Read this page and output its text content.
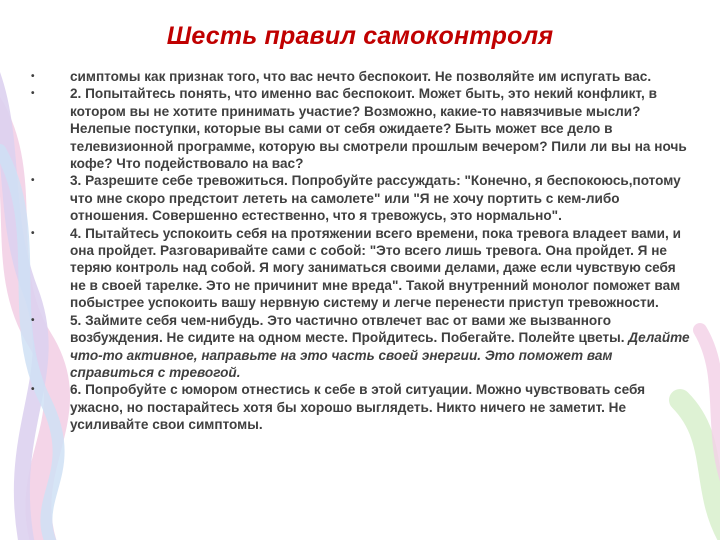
Шесть правил самоконтроля
•	симптомы как признак того, что вас нечто беспокоит. Не позволяйте им испугать вас.
•	2. Попытайтесь понять, что именно вас беспокоит. Может быть, это некий конфликт, в котором вы не хотите принимать участие? Возможно, какие-то навязчивые мысли? Нелепые поступки, которые вы сами от себя ожидаете? Быть может все дело в телевизионной программе, которую вы смотрели прошлым вечером? Пили ли вы на ночь кофе? Что подействовало на вас?
•	3. Разрешите себе тревожиться. Попробуйте рассуждать: "Конечно, я беспокоюсь,потому что мне скоро предстоит лететь на самолете" или "Я не хочу портить с кем-либо отношения. Совершенно естественно, что я тревожусь, это нормально".
•	4. Пытайтесь успокоить себя на протяжении всего времени, пока тревога владеет вами, и она пройдет. Разговаривайте сами с собой: "Это всего лишь тревога. Она пройдет. Я не теряю контроль над собой. Я могу заниматься своими делами, даже если чувствую себя не в своей тарелке. Это не причинит мне вреда". Такой внутренний монолог поможет вам побыстрее успокоить вашу нервную систему и легче перенести приступ тревожности.
•	5. Займите себя чем-нибудь. Это частично отвлечет вас от вами же вызванного возбуждения. Не сидите на одном месте. Пройдитесь. Побегайте. Полейте цветы. Делайте что-то активное, направьте на это часть своей энергии. Это поможет вам справиться с тревогой.
•	6. Попробуйте с юмором отнестись к себе в этой ситуации. Можно чувствовать себя ужасно, но постарайтесь хотя бы хорошо выглядеть. Никто ничего не заметит. Не усиливайте свои симптомы.
